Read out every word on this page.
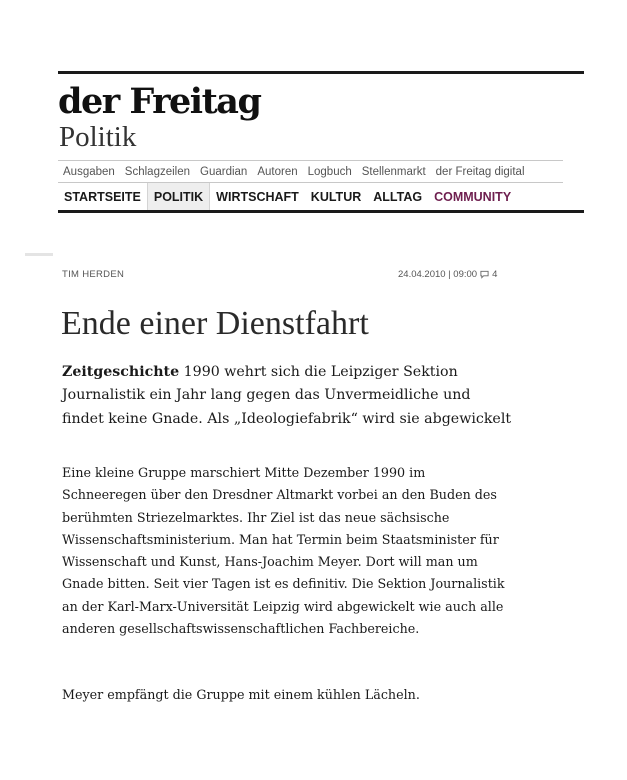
der Freitag
Politik
Ausgaben Schlagzeilen Guardian Autoren Logbuch Stellenmarkt der Freitag digital
STARTSEITE	POLITIK	WIRTSCHAFT KULTUR ALLTAG COMMUNITY
TIM HERDEN	24.04.2010 | 09:00 4
Ende einer Dienstfahrt

Zeitgeschichte 1990 wehrt sich die Leipziger Sektion Journalistik ein Jahr lang gegen das Unvermeidliche und findet keine Gnade. Als „Ideologiefabrik“ wird sie abgewickelt

Eine kleine Gruppe marschiert Mitte Dezember 1990 im Schneeregen über den Dresdner Altmarkt vorbei an den Buden des berühmten Striezelmarktes. Ihr Ziel ist das neue sächsische Wissenschaftsministerium. Man hat Termin beim Staatsminister für Wissenschaft und Kunst, Hans-Joachim Meyer. Dort will man um Gnade bitten. Seit vier Tagen ist es definitiv. Die Sektion Journalistik an der Karl-Marx-Universität Leipzig wird abgewickelt wie auch alle anderen gesellschaftswissenschaftlichen Fachbereiche.

Meyer empfängt die Gruppe mit einem kühlen Lächeln.
